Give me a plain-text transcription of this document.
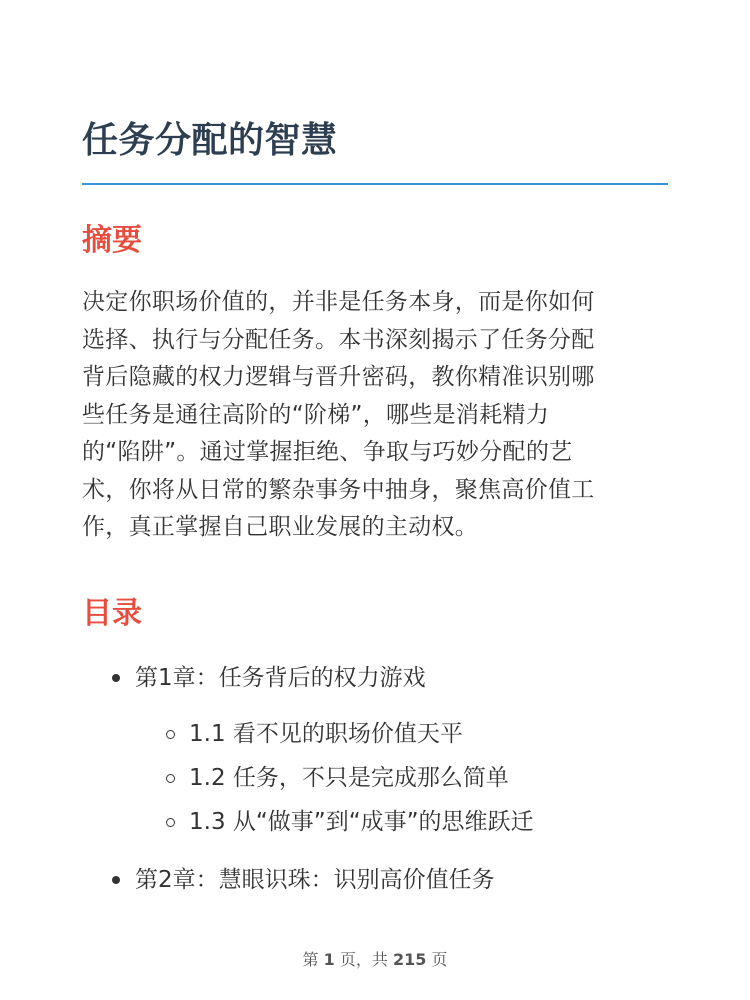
任务分配的智慧
摘要
决定你职场价值的，并非是任务本身，而是你如何
选择、执行与分配任务。本书深刻揭示了任务分配
背后隐藏的权力逻辑与晋升密码，教你精准识别哪
些任务是通往高阶的“阶梯”，哪些是消耗精力
的“陷阱”。通过掌握拒绝、争取与巧妙分配的艺
术，你将从日常的繁杂事务中抽身，聚焦高价值工
作，真正掌握自己职业发展的主动权。
目录
第1章：任务背后的权力游戏
1.1 看不见的职场价值天平
1.2 任务，不只是完成那么简单
1.3 从“做事”到“成事”的思维跃迁
第2章：慧眼识珠：识别高价值任务
第 1 页，共 215 页
